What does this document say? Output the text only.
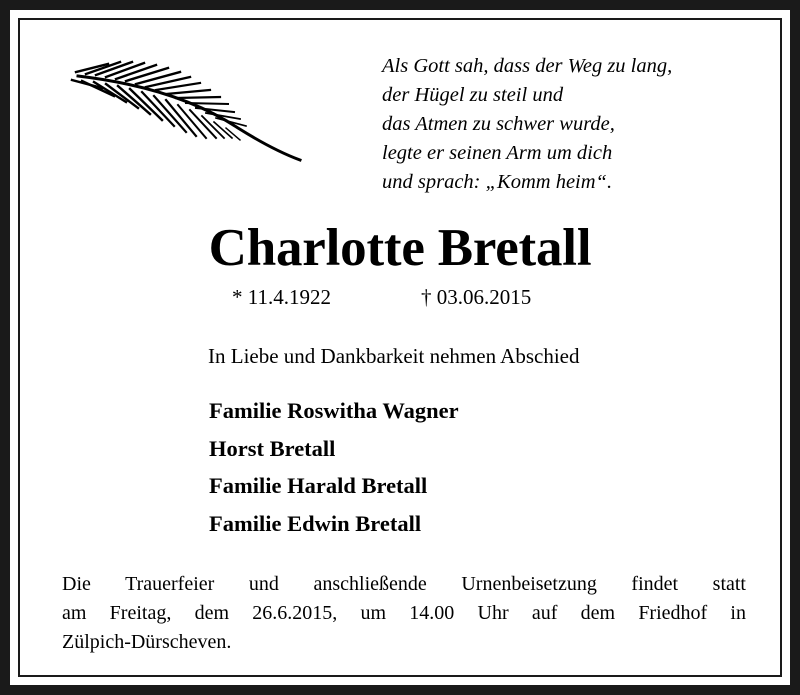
Als Gott sah, dass der Weg zu lang,
der Hügel zu steil und
das Atmen zu schwer wurde,
legte er seinen Arm um dich
und sprach: „Komm heim“.
Charlotte Bretall
* 11.4.1922	† 03.06.2015
In Liebe und Dankbarkeit nehmen Abschied
Familie Roswitha Wagner
Horst Bretall
Familie Harald Bretall
Familie Edwin Bretall
Die Trauerfeier und anschließende Urnenbeisetzung findet statt
am Freitag, dem 26.6.2015, um 14.00 Uhr auf dem Friedhof in
Zülpich-Dürscheven.
